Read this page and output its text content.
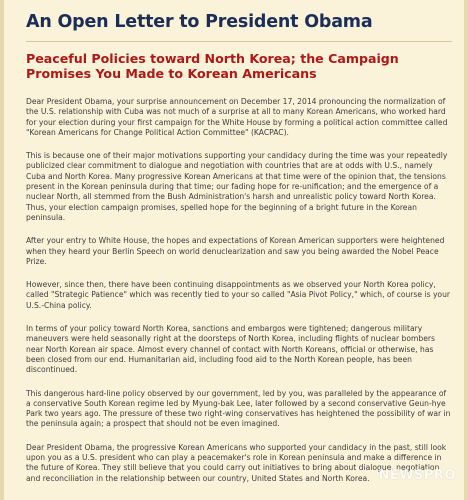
An Open Letter to President Obama
Peaceful Policies toward North Korea; the Campaign Promises You Made to Korean Americans

Dear President Obama, your surprise announcement on December 17, 2014 pronouncing the normalization of the U.S. relationship with Cuba was not much of a surprise at all to many Korean Americans, who worked hard for your election during your first campaign for the White House by forming a political action committee called "Korean Americans for Change Political Action Committee" (KACPAC).

This is because one of their major motivations supporting your candidacy during the time was your repeatedly publicized clear commitment to dialogue and negotiation with countries that are at odds with U.S., namely Cuba and North Korea. Many progressive Korean Americans at that time were of the opinion that, the tensions present in the Korean peninsula during that time; our fading hope for re-unification; and the emergence of a nuclear North, all stemmed from the Bush Administration's harsh and unrealistic policy toward North Korea. Thus, your election campaign promises, spelled hope for the beginning of a bright future in the Korean peninsula.

After your entry to White House, the hopes and expectations of Korean American supporters were heightened when they heard your Berlin Speech on world denuclearization and saw you being awarded the Nobel Peace Prize.

However, since then, there have been continuing disappointments as we observed your North Korea policy, called "Strategic Patience" which was recently tied to your so called "Asia Pivot Policy," which, of course is your U.S.-China policy.

In terms of your policy toward North Korea, sanctions and embargos were tightened; dangerous military maneuvers were held seasonally right at the doorsteps of North Korea, including flights of nuclear bombers near North Korean air space. Almost every channel of contact with North Koreans, official or otherwise, has been closed from our end. Humanitarian aid, including food aid to the North Korean people, has been discontinued.

This dangerous hard-line policy observed by our government, led by you, was paralleled by the appearance of a conservative South Korean regime led by Myung-bak Lee, later followed by a second conservative Geun-hye Park two years ago. The pressure of these two right-wing conservatives has heightened the possibility of war in the peninsula again; a prospect that should not be even imagined.

Dear President Obama, the progressive Korean Americans who supported your candidacy in the past, still look upon you as a U.S. president who can play a peacemaker's role in Korean peninsula and make a difference in the future of Korea. They still believe that you could carry out initiatives to bring about dialogue, negotiation and reconciliation in the relationship between our country, United States and North Korea. NEWSPRO
